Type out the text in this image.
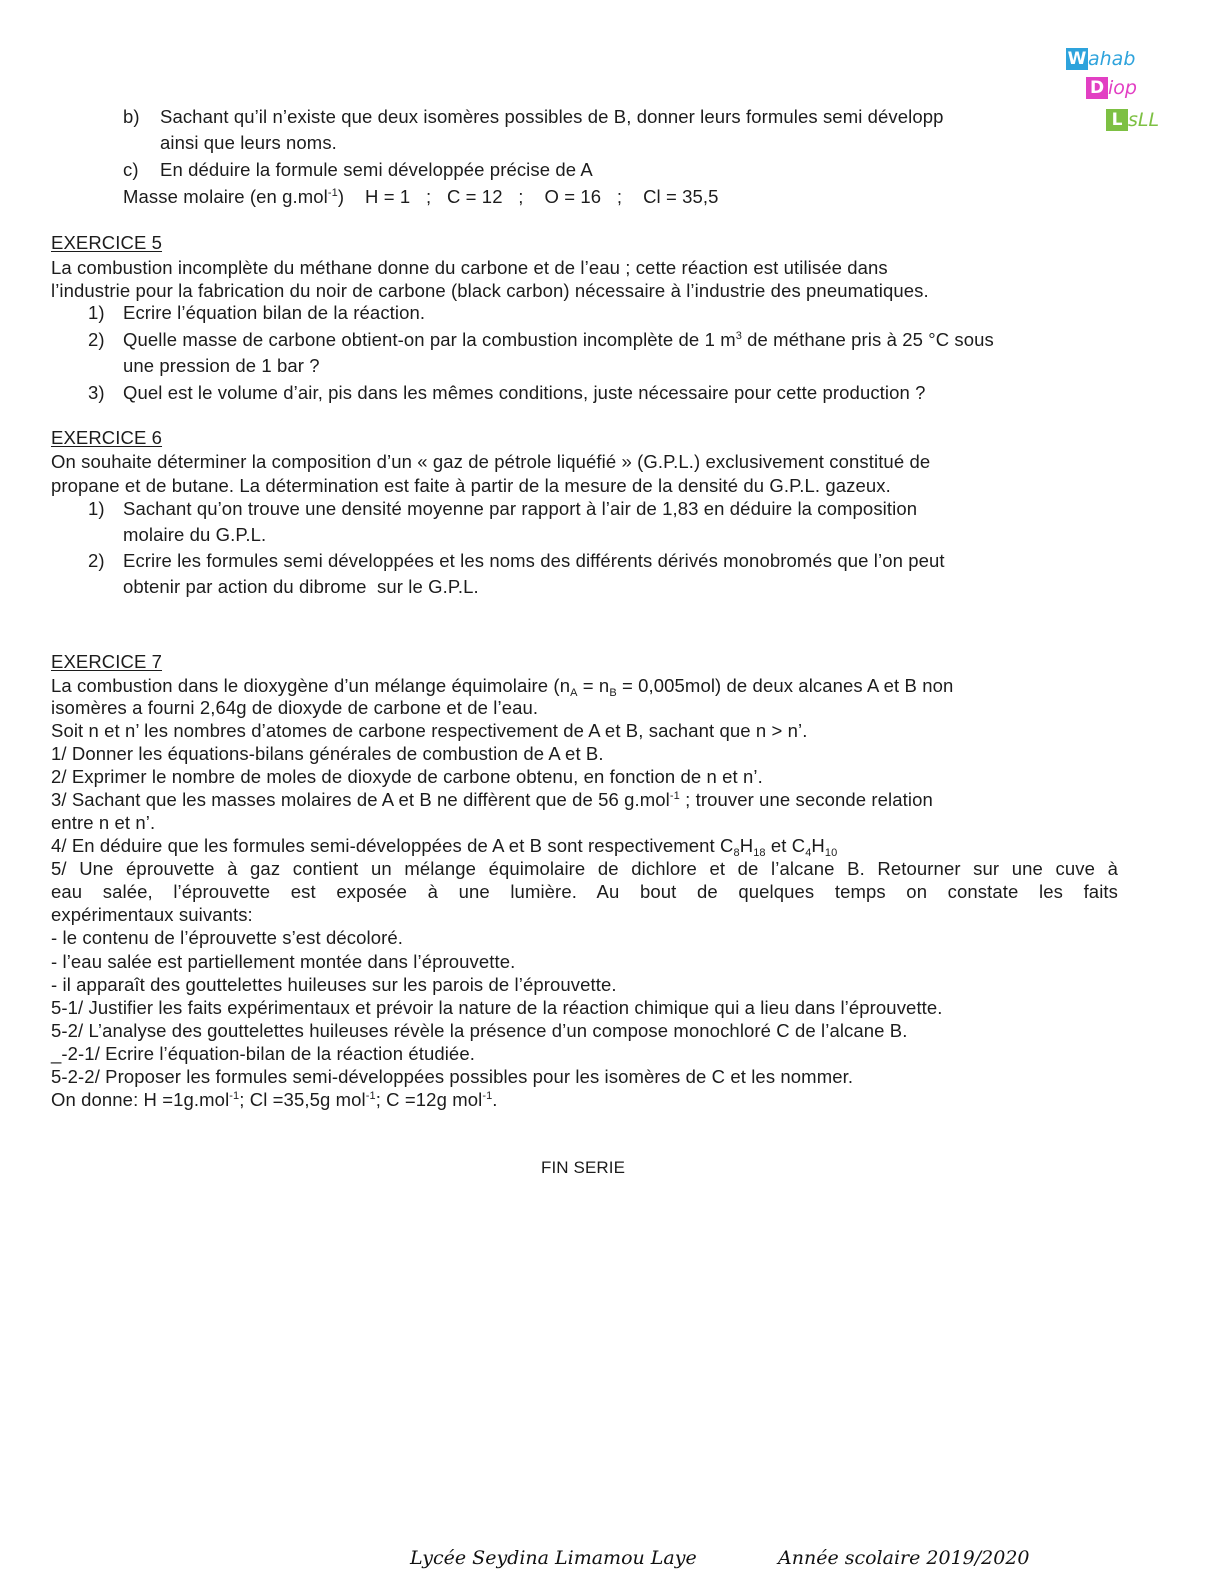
W ahab
D iop
L sLL
b) Sachant qu’il n’existe que deux isomères possibles de B, donner leurs formules semi développ
ainsi que leurs noms.
c) En déduire la formule semi développée précise de A
Masse molaire (en g.mol$^{-1}$)    H = 1   ;   C = 12   ;    O = 16   ;    Cl = 35,5
EXERCICE 5
La combustion incomplète du méthane donne du carbone et de l’eau ; cette réaction est utilisée dans
l’industrie pour la fabrication du noir de carbone (black carbon) nécessaire à l’industrie des pneumatiques.
1) Ecrire l’équation bilan de la réaction.
2) Quelle masse de carbone obtient-on par la combustion incomplète de 1 $m^3$ de méthane pris à 25 °C sous
une pression de 1 bar ?
3) Quel est le volume d’air, pis dans les mêmes conditions, juste nécessaire pour cette production ?
EXERCICE 6
On souhaite déterminer la composition d’un « gaz de pétrole liquéfié » (G.P.L.) exclusivement constitué de
propane et de butane. La détermination est faite à partir de la mesure de la densité du G.P.L. gazeux.
1) Sachant qu’on trouve une densité moyenne par rapport à l’air de 1,83 en déduire la composition
molaire du G.P.L.
2) Ecrire les formules semi développées et les noms des différents dérivés monobromés que l’on peut
obtenir par action du dibrome  sur le G.P.L.
EXERCICE 7
La combustion dans le dioxygène d’un mélange équimolaire $(n_A = n_B = 0,005mol)$ de deux alcanes A et B non
isomères a fourni 2,64g de dioxyde de carbone et de l’eau.
Soit n et n’ les nombres d’atomes de carbone respectivement de A et B, sachant que n > n’.
1/ Donner les équations-bilans générales de combustion de A et B.
2/ Exprimer le nombre de moles de dioxyde de carbone obtenu, en fonction de n et n’.
3/ Sachant que les masses molaires de A et B ne diffèrent que de 56 g.mol$^{-1}$ ; trouver une seconde relation
entre n et n’.
4/ En déduire que les formules semi-développées de A et B sont respectivement $C_8H_{18}$ et $C_4H_{10}$
5/ Une éprouvette à gaz contient un mélange équimolaire de dichlore et de l’alcane B. Retourner sur une cuve à
eau salée, l’éprouvette est exposée à une lumière. Au bout de quelques temps on constate les faits
expérimentaux suivants:
- le contenu de l’éprouvette s’est décoloré.
- l’eau salée est partiellement montée dans l’éprouvette.
- il apparaît des gouttelettes huileuses sur les parois de l’éprouvette.
5-1/ Justifier les faits expérimentaux et prévoir la nature de la réaction chimique qui a lieu dans l’éprouvette.
5-2/ L’analyse des gouttelettes huileuses révèle la présence d’un compose monochloré C de l’alcane B.
_-2-1/ Ecrire l’équation-bilan de la réaction étudiée.
5-2-2/ Proposer les formules semi-développées possibles pour les isomères de C et les nommer.
On donne: H =1g.mol$^{-1}$; Cl =35,5g mol$^{-1}$; C =12g mol$^{-1}$.
FIN SERIE
Lycée Seydina Limamou Laye	Année scolaire 2019/2020
